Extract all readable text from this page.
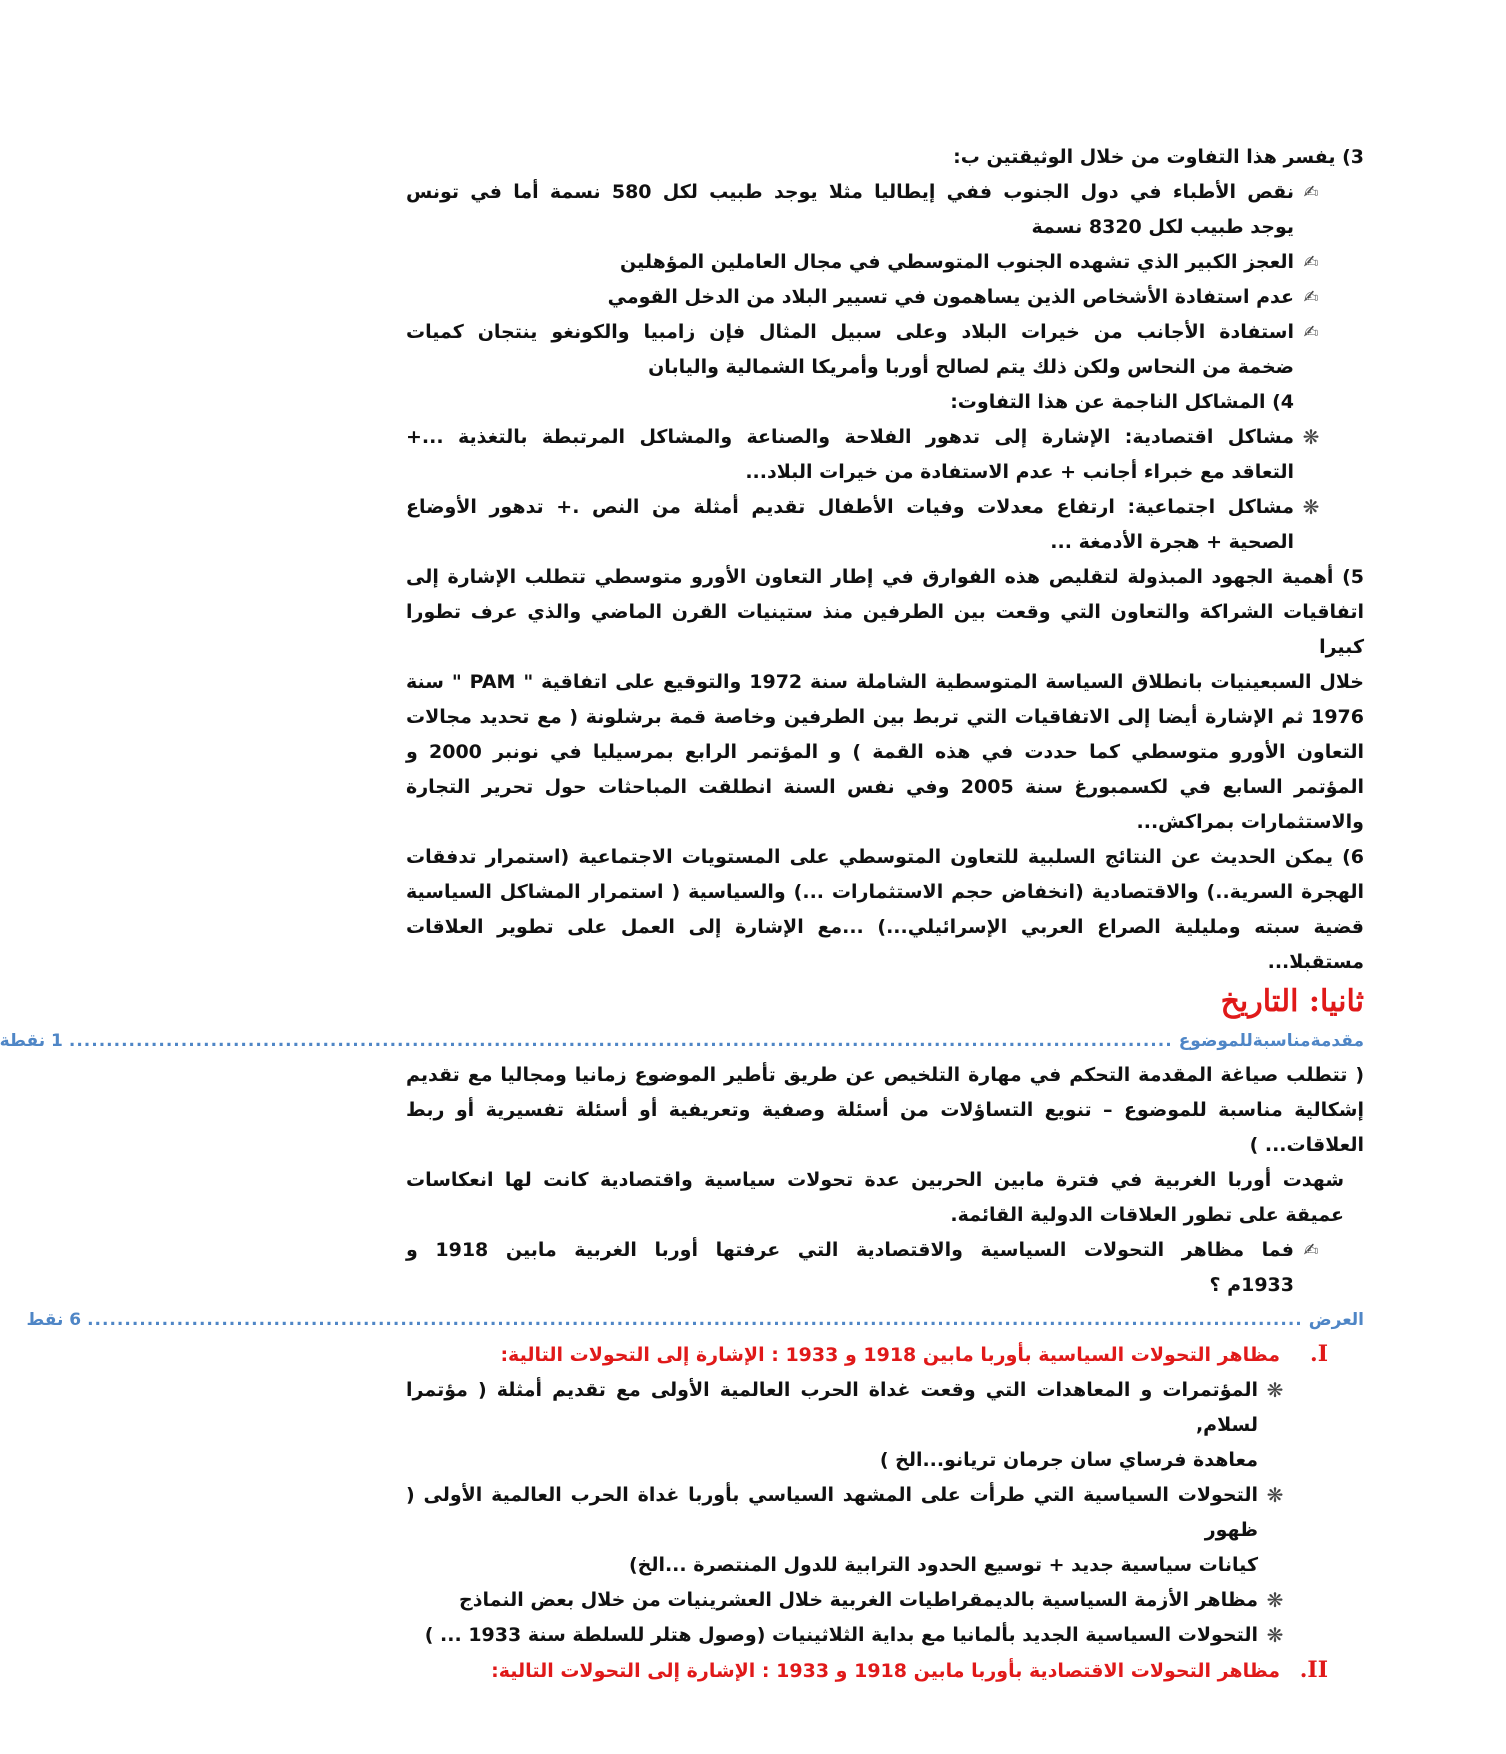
3) يفسر هذا التفاوت من خلال الوثيقتين ب:
✍
نقص الأطباء في دول الجنوب ففي إيطاليا مثلا يوجد طبيب لكل 580 نسمة أما في تونس
يوجد طبيب لكل 8320 نسمة
✍
العجز الكبير الذي تشهده الجنوب المتوسطي في مجال العاملين المؤهلين
✍
عدم استفادة الأشخاص الذين يساهمون في تسيير البلاد من الدخل القومي
✍
استفادة الأجانب من خيرات البلاد وعلى سبيل المثال فإن زامبيا والكونغو ينتجان كميات
ضخمة من النحاس ولكن ذلك يتم لصالح أوربا وأمريكا الشمالية واليابان
4) المشاكل الناجمة عن هذا التفاوت:
❋
مشاكل اقتصادية: الإشارة إلى تدهور الفلاحة والصناعة والمشاكل المرتبطة بالتغذية ...+
التعاقد مع خبراء أجانب + عدم الاستفادة من خيرات البلاد...
❋
مشاكل اجتماعية: ارتفاع معدلات وفيات الأطفال تقديم أمثلة من النص .+ تدهور الأوضاع
الصحية + هجرة الأدمغة ...
5) أهمية الجهود المبذولة لتقليص هذه الفوارق في إطار التعاون الأورو متوسطي تتطلب الإشارة إلى
اتفاقيات الشراكة والتعاون التي وقعت بين الطرفين منذ ستينيات القرن الماضي والذي عرف تطورا كبيرا
خلال السبعينيات بانطلاق السياسة المتوسطية الشاملة سنة 1972 والتوقيع على اتفاقية " PAM " سنة
1976 ثم الإشارة أيضا إلى الاتفاقيات التي تربط بين الطرفين وخاصة قمة برشلونة ( مع تحديد مجالات
التعاون الأورو متوسطي كما حددت في هذه القمة ) و المؤتمر الرابع بمرسيليا في نونبر 2000 و
المؤتمر السابع في لكسمبورغ سنة 2005 وفي نفس السنة انطلقت المباحثات حول تحرير التجارة
والاستثمارات بمراكش...
6) يمكن الحديث عن النتائج السلبية للتعاون المتوسطي على المستويات الاجتماعية (استمرار تدفقات
الهجرة السرية..) والاقتصادية (انخفاض حجم الاستثمارات ...) والسياسية ( استمرار المشاكل السياسية
قضية سبته ومليلية الصراع العربي الإسرائيلي...) ...مع الإشارة إلى العمل على تطوير العلاقات مستقبلا...
ثانيا: التاريخ
مقدمةمناسبةللموضوع
....................................................................................................................................................
1 نقطة
( تتطلب صياغة المقدمة التحكم في مهارة التلخيص عن طريق تأطير الموضوع زمانيا ومجاليا مع تقديم
إشكالية مناسبة للموضوع – تنويع التساؤلات من أسئلة وصفية وتعريفية أو أسئلة تفسيرية أو ربط
العلاقات... )
شهدت أوربا الغربية في فترة مابين الحربين عدة تحولات سياسية واقتصادية كانت لها انعكاسات
عميقة على تطور العلاقات الدولية القائمة.
✍
فما مظاهر التحولات السياسية والاقتصادية التي عرفتها أوربا الغربية مابين 1918 و
1933م ؟
العرض
...................................................................................................................................................................
6 نقط
I.
مظاهر التحولات السياسية بأوربا مابين 1918 و 1933 : الإشارة إلى التحولات التالية:
❋
المؤتمرات و المعاهدات التي وقعت غداة الحرب العالمية الأولى مع تقديم أمثلة ( مؤتمرا لسلام,
معاهدة فرساي سان جرمان تريانو...الخ )
❋
التحولات السياسية التي طرأت على المشهد السياسي بأوربا غداة الحرب العالمية الأولى ( ظهور
كيانات سياسية جديد + توسيع الحدود الترابية للدول المنتصرة ...الخ)
❋
مظاهر الأزمة السياسية بالديمقراطيات الغربية خلال العشرينيات من خلال بعض النماذج
❋
التحولات السياسية الجديد بألمانيا مع بداية الثلاثينيات (وصول هتلر للسلطة سنة 1933 ... )
II.
مظاهر التحولات الاقتصادية بأوربا مابين 1918 و 1933 : الإشارة إلى التحولات التالية:
